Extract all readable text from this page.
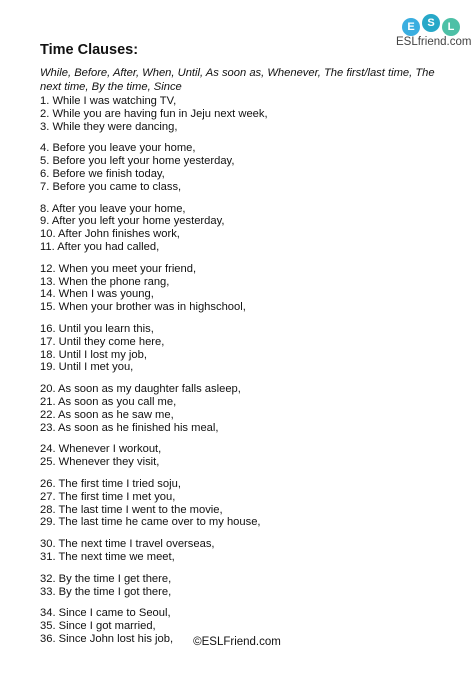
E	S	L
ESLfriend.com
Time Clauses:
While, Before, After, When, Until, As soon as, Whenever, The first/last time, The next time, By the time, Since
1. While I was watching TV,
2. While you are having fun in Jeju next week,
3. While they were dancing,
4. Before you leave your home,
5. Before you left your home yesterday,
6. Before we finish today,
7. Before you came to class,
8. After you leave your home,
9. After you left your home yesterday,
10. After John finishes work,
11. After you had called,
12. When you meet your friend,
13. When the phone rang,
14. When I was young,
15. When your brother was in highschool,
16. Until you learn this,
17. Until they come here,
18. Until I lost my job,
19. Until I met you,
20. As soon as my daughter falls asleep,
21. As soon as you call me,
22. As soon as he saw me,
23. As soon as he finished his meal,
24. Whenever I workout,
25. Whenever they visit,
26. The first time I tried soju,
27. The first time I met you,
28. The last time I went to the movie,
29. The last time he came over to my house,
30. The next time I travel overseas,
31. The next time we meet,
32. By the time I get there,
33. By the time I got there,
34. Since I came to Seoul,
35. Since I got married,
36. Since John lost his job,	©ESLFriend.com
